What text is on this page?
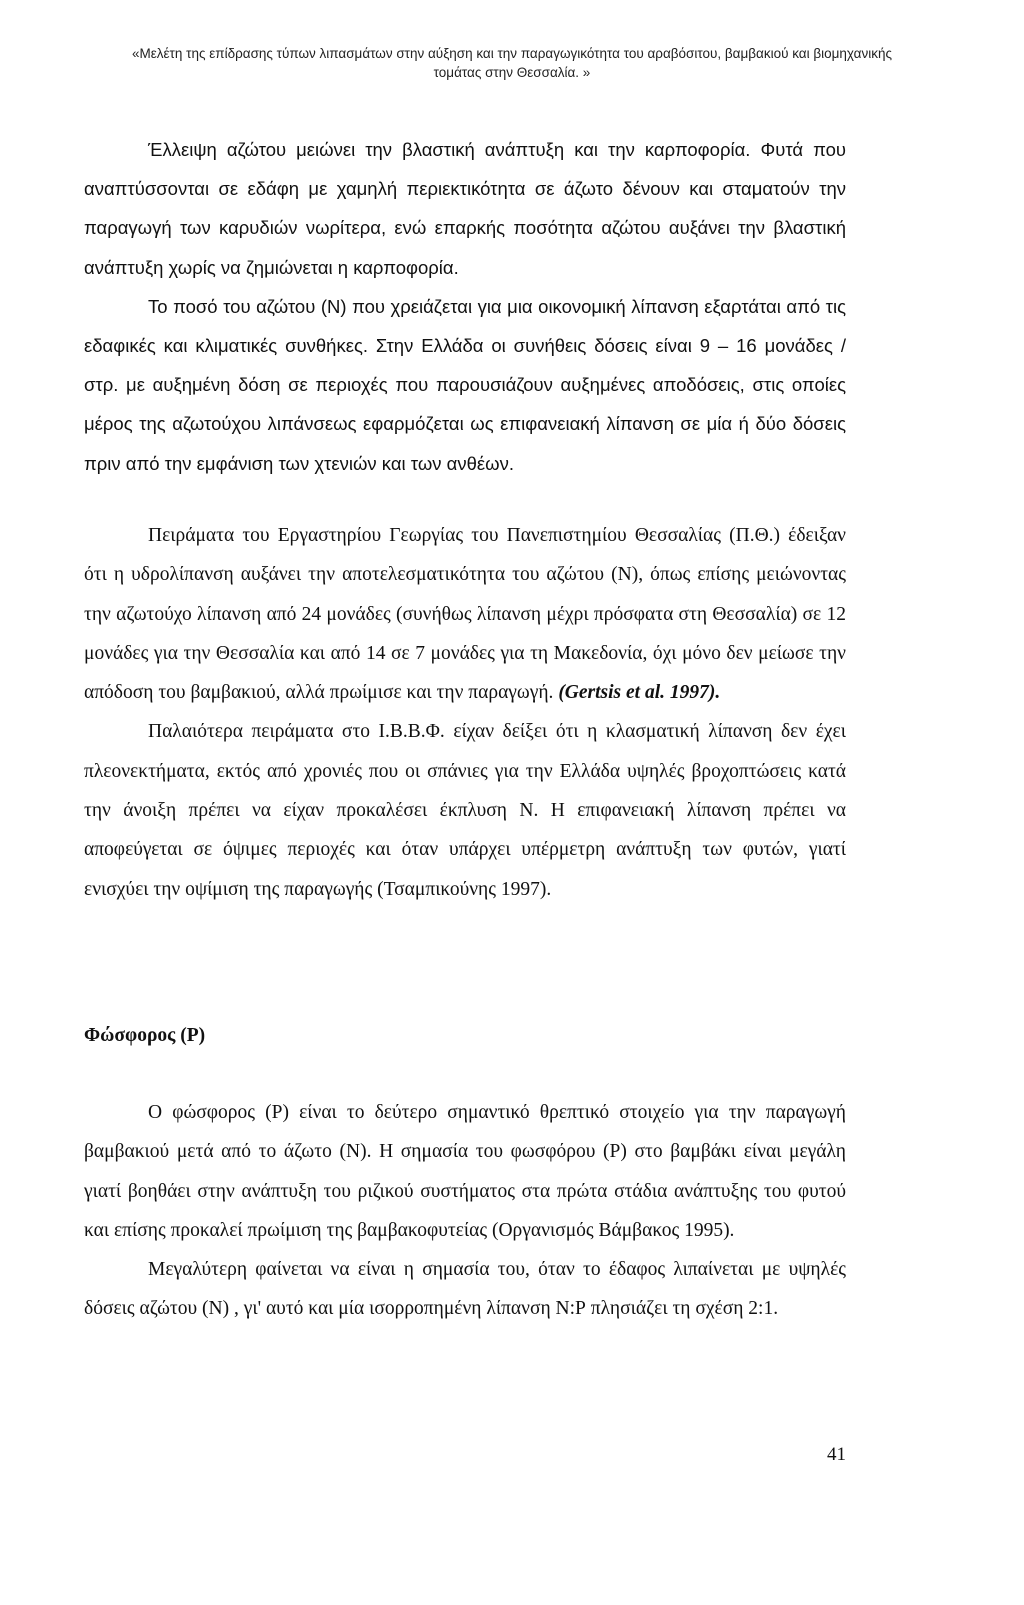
«Μελέτη της επίδρασης τύπων λιπασμάτων στην αύξηση και την παραγωγικότητα του αραβόσιτου, βαμβακιού και βιομηχανικής
τομάτας στην Θεσσαλία. »

Έλλειψη αζώτου μειώνει την βλαστική ανάπτυξη και την καρποφορία. Φυτά που αναπτύσσονται σε εδάφη με χαμηλή περιεκτικότητα σε άζωτο δένουν και σταματούν την παραγωγή των καρυδιών νωρίτερα, ενώ επαρκής ποσότητα αζώτου αυξάνει την βλαστική ανάπτυξη χωρίς να ζημιώνεται η καρποφορία.

Το ποσό του αζώτου (Ν) που χρειάζεται για μια οικονομική λίπανση εξαρτάται από τις εδαφικές και κλιματικές συνθήκες. Στην Ελλάδα οι συνήθεις δόσεις είναι 9 – 16 μονάδες / στρ. με αυξημένη δόση σε περιοχές που παρουσιάζουν αυξημένες αποδόσεις, στις οποίες μέρος της αζωτούχου λιπάνσεως εφαρμόζεται ως επιφανειακή λίπανση σε μία ή δύο δόσεις πριν από την εμφάνιση των χτενιών και των ανθέων.

Πειράματα του Εργαστηρίου Γεωργίας του Πανεπιστημίου Θεσσαλίας (Π.Θ.) έδειξαν ότι η υδρολίπανση αυξάνει την αποτελεσματικότητα του αζώτου (Ν), όπως επίσης μειώνοντας την αζωτούχο λίπανση από 24 μονάδες (συνήθως λίπανση μέχρι πρόσφατα στη Θεσσαλία) σε 12 μονάδες για την Θεσσαλία και από 14 σε 7 μονάδες για τη Μακεδονία, όχι μόνο δεν μείωσε την απόδοση του βαμβακιού, αλλά πρωίμισε και την παραγωγή. (Gertsis et al. 1997).

Παλαιότερα πειράματα στο Ι.Β.Β.Φ. είχαν δείξει ότι η κλασματική λίπανση δεν έχει πλεονεκτήματα, εκτός από χρονιές που οι σπάνιες για την Ελλάδα υψηλές βροχοπτώσεις κατά την άνοιξη πρέπει να είχαν προκαλέσει έκπλυση Ν. Η επιφανειακή λίπανση πρέπει να αποφεύγεται σε όψιμες περιοχές και όταν υπάρχει υπέρμετρη ανάπτυξη των φυτών, γιατί ενισχύει την οψίμιση της παραγωγής (Τσαμπικούνης 1997).

Φώσφορος (Ρ)

Ο φώσφορος (Ρ) είναι το δεύτερο σημαντικό θρεπτικό στοιχείο για την παραγωγή βαμβακιού μετά από το άζωτο (Ν). Η σημασία του φωσφόρου (Ρ) στο βαμβάκι είναι μεγάλη γιατί βοηθάει στην ανάπτυξη του ριζικού συστήματος στα πρώτα στάδια ανάπτυξης του φυτού και επίσης προκαλεί πρωίμιση της βαμβακοφυτείας (Οργανισμός Βάμβακος 1995).

Μεγαλύτερη φαίνεται να είναι η σημασία του, όταν το έδαφος λιπαίνεται με υψηλές δόσεις αζώτου (Ν) , γι' αυτό και μία ισορροπημένη λίπανση Ν:Ρ πλησιάζει τη σχέση 2:1.

41
